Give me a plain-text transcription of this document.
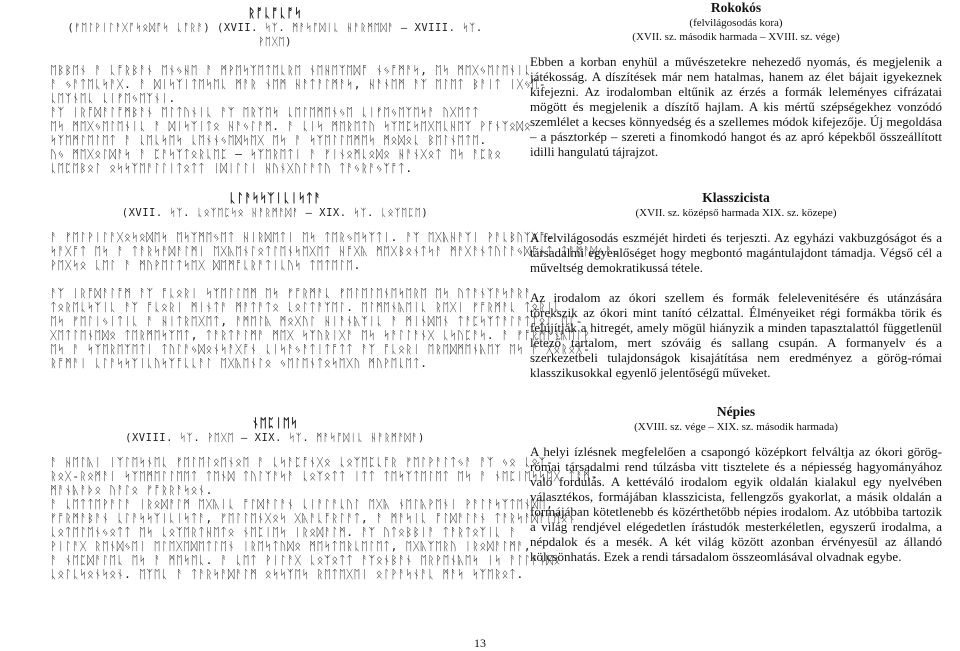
ᚱᚩᚳᚩᚳᚩᛋ
(ᚠᛖᛚᚹᛁᛚᚨᚷᚩᛋᛟᛞᚩᛋ ᚳᚩᚱᚨ) (XVII. ᛋᛉ. ᛗᚨᛋᚩᛞᛁᚳ ᚺᚨᚱᛗᛖᛞᚨ – XVIII. ᛋᛉ. ᚹᛖᚷᛖ)
ᛖᛒᛒᛖᚾ ᚨ ᚳᚩᚱᛒᚨᚾ ᛖᚾᛃᚺᛖ ᚨ ᛗᚹᛖᛋᛉᛖᛏᛖᚳᚱᛖ ᚾᛖᚺᛖᛉᛖᛞᚩ ᚾᛃᚩᛗᚨᛋ, ᛖᛋ ᛗᛖᚷᛃᛖᛚᛖᚾᛁᚳ
ᚨ ᛃᚨᛏᛖᚳᛋᚨᚷ. ᚨ ᛞᛁᛋᛉᛁᛏᛖᛋᛖᚳ ᛗᚨᚱ ᚾᛖᛗ ᚺᚨᛏᚨᛚᛗᚨᛋ, ᚺᚨᚾᛖᛗ ᚨᛉ ᛖᛚᛖᛏ ᛒᚨᛁᛏ ᛁᚷᛃᛖ-
ᚳᛖᛉᚾᛖᚳ ᚳᛁᚠᛖᛃᛖᛉᚾᛁ.
ᚨᛉ ᛁᚱᚩᛞᚨᛚᚩᛗᛒᚨᚾ ᛖᛚᛏᚢᚾᛁᚳ ᚨᛉ ᛖᚱᛉᛖᛋ ᚳᛖᛚᛖᛗᛖᚾᛃᛖ ᚳᛁᚠᛖᛃᛖᛉᛖᛋᚨ ᚢᚷᛖᛏᛏ
ᛖᛋ ᛗᛖᚷᛃᛖᛚᛖᚾᛁᚳ ᚨ ᛞᛁᛋᛉᛁᛏᛟ ᚺᚨᛃᛚᚨᛗ. ᚨ ᚳᛁᛋ ᛗᛖᚱᛖᛏᚢ ᛋᛉᛖᛈᛋᛖᚷᛖᚳᚺᛖᛉ ᚹᚩᚾᛉᛟᛞᛟ
ᛋᛉᛖᛗᛚᛖᛚᛖᛏ ᚨ ᚳᛖᚳᛋᛖᛋ ᚳᛖᚾᚾᛃᛖᛞᛋᛖᚷ ᛖᛋ ᚨ ᛋᛉᛖᛚᛚᛖᛗᛖᛋ ᛗᛟᛞᛟᚳ ᛒᛖᛚᚾᛖᛏᛖ.
ᚢᛃ ᛗᛖᚷᛟᛚᛞᚨᛋ ᚨ ᛈᚨᛋᛉᛏᛟᚱᚳᛖᛈ – ᛋᛉᛖᚱᛖᛏᛁ ᚨ ᚠᛁᚾᛟᛗᚳᛟᛞᛟ ᚺᚨᚾᚷᛟᛏ ᛖᛋ ᚨᛈᚱᛟ
ᚳᛖᛈᛖᛒᛟᛚ ᛟᛋᛋᛉᛖᚨᛚᛚᛁᛏᛟᛏᛏ ᛁᛞᛁᛚᛚᛁ ᚺᚢᚾᚷᚢᛚᚨᛏᚢ ᛏᚨᛃᚱᚨᛃᛉᚩᛏ.
ᚳᛚᚨᛋᛋᛉᛁᚳᛁᛋᛏᚨ
(XVII. ᛋᛉ. ᚳᛟᛉᛖᛈᛋᛟ ᚺᚨᚱᛗᚨᛞᚨ – XIX. ᛋᛉ. ᚳᛟᛉᛖᛈᛖ)
ᚨ ᚠᛖᛚᚹᛁᛚᚨᚷᛟᛋᛟᛞᛖᛋ ᛖᛋᛉᛗᛖᛃᛖᛏ ᚺᛁᚱᛞᛖᛏᛁ ᛖᛋ ᛏᛖᚱᛃᛖᛋᛉᛏᛁ. ᚨᛉ ᛖᚷᚣᚺᚨᛉᛁ ᚹᚨᚳᛒᚢᛉᚷᚩ-
ᛋᚨᚷᚩᛏ ᛖᛋ ᚨ ᛏᚨᚱᛋᚨᛞᚨᛚᛗᛁ ᛖᚷᚣᛖᚾᛚᛟᛏᛚᛖᚾᛋᛖᚷᛖᛏ ᚺᚩᚷᚣ ᛗᛖᚷᛒᛟᚾᛏᛋᚨ ᛗᚨᚷᚨᚾᛏᚢᛚᚨᛃᛞᚩᚾᛏ ᛏᚨᛗᚨᛞᛃᚨ.
ᚹᛖᚷᛋᛟ ᚳᛖᛚ ᚨ ᛗᚢᚹᛖᛚᛏᛋᛖᚷ ᛞᛖᛗᚩᚳᚱᚨᛏᛁᚳᚢᛋ ᛏᛖᛏᛖᛚᛖ.
ᚨᛉ ᛁᚱᚩᛞᚨᛚᚩᛗ ᚨᛉ ᚩᚳᛟᚱᛁ ᛋᛉᛖᛚᛚᛖᛗ ᛖᛋ ᚠᚩᚱᛗᚨᚳ ᚠᛖᛚᛖᛚᛖᚾᛖᛋᛖᚱᛖ ᛖᛋ ᚢᛏᚨᚾᛉᚨᛋᚨᚱᚨ
ᛏᛟᚱᛖᚳᛋᛉᛁᚳ ᚨᛉ ᚩᚳᛟᚱᛁ ᛗᛁᚾᛏᚨ ᛗᚨᛏᚨᛏᛟ ᚳᛟᛚᛏᚨᛉᛖᛚ. ᛖᛚᛗᛖᚾᚣᛖᛁᚳ ᚱᛖᚷᛁ ᚠᚩᚱᛗᚨᚳ ᛏᛟᚱᛁᚳ
ᛖᛋ ᚠᛖᛚᛁᛃᛁᛏᛁᚳ ᚨ ᚺᛁᛏᚱᛖᚷᛖᛏ, ᚨᛗᛖᛚᚣ ᛗᛟᚷᚢᛚ ᚺᛁᚨᚾᚣᛉᛁᚳ ᚨ ᛗᛁᚾᛞᛖᚾ ᛏᚨᛈᛋᛉᛏᚨᛚᚨᛏᛏᛟᛚ ᛖᛚ-
ᚷᛖᛏᛚᛖᚾᛖᛞᛟ ᛏᛖᚱᛗᛖᛋᛉᛖᛏ, ᛏᚨᚱᛏᚨᛚᛗᚨ ᛗᛖᚷ ᛋᛉᚢᚱᛁᚷᚨ ᛖᛋ ᛋᚨᛚᛚᚨᚾᚷ ᚳᛋᚢᛈᚨᛋ. ᚨ ᚠᚩᚱᛗᚨᚾᚣᛖᛚᚹ
ᛖᛋ ᚨ ᛋᛉᛖᚱᛖᛉᛖᛏᛁ ᛏᚢᛚᚨᛃᛞᛟᚾᛋᚨᚷᚩᚾ ᚳᛁᛋᚨᛃᚨᛏᛁᛏᚩᛏᛏ ᚨᛉ ᚩᚳᛟᚱᛁ ᛖᚱᛖᛞᛗᛖᚾᚣᛖᛉ ᛖᛋ ᚨ ᚷᛟᚱᛟᚷ-
ᚱᚩᛗᚨᛁ ᚳᛚᚨᛋᛋᛉᛁᚳᚢᛋᛉᚩᚳᚳᚨᛚ ᛖᚷᚣᛖᚾᛚᛟ ᛃᛖᛚᛖᚾᛏᛟᛋᛖᚷᚢ ᛗᚢᚹᛖᚳᛖᛏ.
ᚾᛖᛈᛁᛖᛋ
(XVIII. ᛋᛉ. ᚹᛖᚷᛖ – XIX. ᛋᛉ. ᛗᚨᛋᚩᛞᛁᚳ ᚺᚨᚱᛗᚨᛞᚨ)
ᚨ ᚺᛖᛚᚣᛁ ᛁᛉᛚᛖᛋᚾᛖᚳ ᚠᛖᛚᛖᛚᛟᛖᚾᛟᛖ ᚨ ᚳᛋᚨᛈᚩᚾᚷᛟ ᚳᛟᛉᛖᛈᚳᚩᚱ ᚠᛖᛚᚹᚨᛚᛏᛃᚨ ᚨᛉ ᛃᛟ ᚳᛟᛉ-
ᚱᛟᚷ-ᚱᛟᛗᚨᛁ ᛋᛉᛖᛗᛖᛚᛚᛖᛖᛏ ᛏᛖᚾᛞ ᛏᚢᛚᛉᚨᛋᚨ ᚳᛟᛉᛟᛏᛏ ᛁᛏᛏ ᛏᛖᛋᛉᛏᛖᛚᛖᛏ ᛖᛋ ᚨ ᚾᛖᛈᛁᛖᛋᛋᛖᚷ ᛏᚨᛗ-
ᛗᚨᚾᚣᚨᚦᛟ ᚢᚨᛚᛟ ᚠᚩᚱᚱᚨᛋᛟᚾ.
ᚨ ᚳᛖᛏᛏᛖᚹᚨᛚᚨ ᛁᚱᛟᛞᚨᛚᛗ ᛖᚷᚣᛁᚳ ᚩᛚᛞᚨᛚᚨᚾ ᚳᛁᚨᛚᚨᚳᚢᛚ ᛖᚷᚣ ᚾᛖᛚᚣᚹᛖᚾᛁ ᚹᚨᛚᚨᛋᛉᛏᛖᚾᛞᛖ,
ᚠᚩᚱᛗᚨᛒᚨᚾ ᚳᛚᚨᛋᛋᛉᛁᚳᛁᛋᛏᚨ, ᚠᛖᛚᛚᛖᚾᚷᛟᛋ ᚷᚣᚨᚳᚩᚱᛚᚨᛏ, ᚨ ᛗᚨᛋᛁᚳ ᚩᛚᛞᚨᛚᚨᚾ ᛏᚨᚱᛋᚨᛞᚨᛚᛗᛟᚾ
ᚳᛟᛏᛖᛚᛖᚾᛃᛟᛏᛏ ᛖᛋ ᚳᛟᛉᛖᚱᛏᚺᛖᛏᛟ ᚾᛖᛈᛁᛖᛋ ᛁᚱᛟᛞᚨᛚᛗ. ᚨᛉ ᚢᛏᛟᛒᛒᛁᚨ ᛏᚨᚱᛏᛟᛉᛁᚳ ᚨ
ᚹᛁᛚᚨᚷ ᚱᛖᚾᛞᛃᛖᛁ ᛖᛚᛖᚷᛖᛞᛖᛏᛚᛖᚾ ᛁᚱᛖᛋᛏᚢᛞᛟ ᛗᛖᛋᛏᛖᚱᚳᛖᛚᛖᛏ, ᛖᚷᚣᛉᛖᚱᚢ ᛁᚱᛟᛞᚨᛚᛗᚨ,
ᚨ ᚾᛖᛈᛞᚨᛚᛖᚳ ᛖᛋ ᚨ ᛗᛖᛋᛖᚳ. ᚨ ᚳᛖᛏ ᚹᛁᛚᚨᚷ ᚳᛟᛉᛟᛏᛏ ᚨᛉᛟᚾᛒᚨᚾ ᛖᚱᚹᛖᚾᚣᛖᛋ ᛁᛋ ᚨᛚᛚᚨᚾᛞᛟ
ᚳᛟᛚᚳᛋᛟᚾᛋᛟᚾ. ᛖᛉᛖᚳ ᚨ ᛏᚨᚱᛋᚨᛞᚨᛚᛗ ᛟᛋᛋᛉᛖᛋ ᚱᛖᛏᛖᚷᛖᛁ ᛟᛚᚹᚨᛋᚾᚨᚳ ᛗᚨᛋ ᛋᛉᛖᚱᛟᛏ.
Rokokós
(felvilágosodás kora)
(XVII. sz. második harmada – XVIII. sz. vége)

Ebben a korban enyhül a művészetekre nehezedő nyomás, és megjelenik a játékosság. A díszítések már nem hatalmas, hanem az élet bájait igyekeznek kifejezni. Az irodalomban eltűnik az érzés a formák leleményes cifrázatai mögött és megjelenik a díszítő hajlam. A kis mértű szépségekhez vonzódó szemlélet a kecses könnyedség és a szellemes módok kifejezője. Új megoldása – a pásztorkép – szereti a finomkodó hangot és az apró képekből összeállított idilli hangulatú tájrajzot.

Klasszicista
(XVII. sz. középső harmada XIX. sz. közepe)

A felvilágosodás eszméjét hirdeti és terjeszti. Az egyházi vakbuzgóságot és a társadalmi egyenlőséget hogy megbontó magántulajdont támadja. Végső cél a műveltség demokratikussá tétele.

Az irodalom az ókori szellem és formák felelevenitésére és utánzására törekszik az ókori mint tanító célzattal. Élményeiket régi formákba törik és felújítják a hitregét, amely mögül hiányzik a minden tapasztalattól függetlenül létező tartalom, mert szóváig és sallang csupán. A formanyelv és a szerkezetbeli tulajdonságok kisajátítása nem eredményez a görög-római klasszikusokkal egyenlő jelentőségű műveket.

Népies
(XVIII. sz. vége – XIX. sz. második harmada)

A helyi ízlésnek megfelelően a csapongó középkort felváltja az ókori görög-római társadalmi rend túlzásba vitt tisztelete és a népiesség hagyományához való fordulás. A kettéváló irodalom egyik oldalán kialakul egy nyelvében választékos, formájában klasszicista, fellengzős gyakorlat, a másik oldalán a formájában kötetlenebb és közérthetőbb népies irodalom. Az utóbbiba tartozik a világ rendjével elégedetlen írástudók mesterkéletlen, egyszerű irodalma, a népdalok és a mesék. A két világ között azonban érvényesül az állandó kölcsönhatás. Ezek a rendi társadalom összeomlásával olvadnak egybe.

13
